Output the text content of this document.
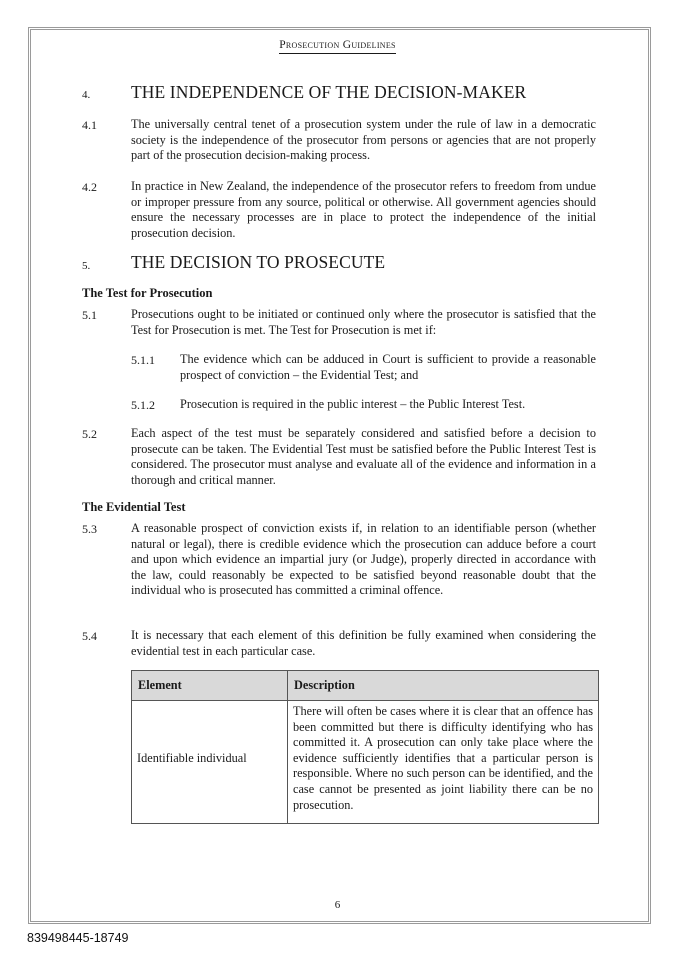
Prosecution Guidelines
4. THE INDEPENDENCE OF THE DECISION-MAKER
4.1	The universally central tenet of a prosecution system under the rule of law in a democratic society is the independence of the prosecutor from persons or agencies that are not properly part of the prosecution decision-making process.
4.2	In practice in New Zealand, the independence of the prosecutor refers to freedom from undue or improper pressure from any source, political or otherwise. All government agencies should ensure the necessary processes are in place to protect the independence of the initial prosecution decision.
5. THE DECISION TO PROSECUTE
The Test for Prosecution
5.1	Prosecutions ought to be initiated or continued only where the prosecutor is satisfied that the Test for Prosecution is met. The Test for Prosecution is met if:
5.1.1 The evidence which can be adduced in Court is sufficient to provide a reasonable prospect of conviction – the Evidential Test; and
5.1.2 Prosecution is required in the public interest – the Public Interest Test.
5.2	Each aspect of the test must be separately considered and satisfied before a decision to prosecute can be taken. The Evidential Test must be satisfied before the Public Interest Test is considered. The prosecutor must analyse and evaluate all of the evidence and information in a thorough and critical manner.
The Evidential Test
5.3	A reasonable prospect of conviction exists if, in relation to an identifiable person (whether natural or legal), there is credible evidence which the prosecution can adduce before a court and upon which evidence an impartial jury (or Judge), properly directed in accordance with the law, could reasonably be expected to be satisfied beyond reasonable doubt that the individual who is prosecuted has committed a criminal offence.
5.4	It is necessary that each element of this definition be fully examined when considering the evidential test in each particular case.
Element	Description
Identifiable individual	There will often be cases where it is clear that an offence has been committed but there is difficulty identifying who has committed it. A prosecution can only take place where the evidence sufficiently identifies that a particular person is responsible. Where no such person can be identified, and the case cannot be presented as joint liability there can be no prosecution.
6
839498445-18749
